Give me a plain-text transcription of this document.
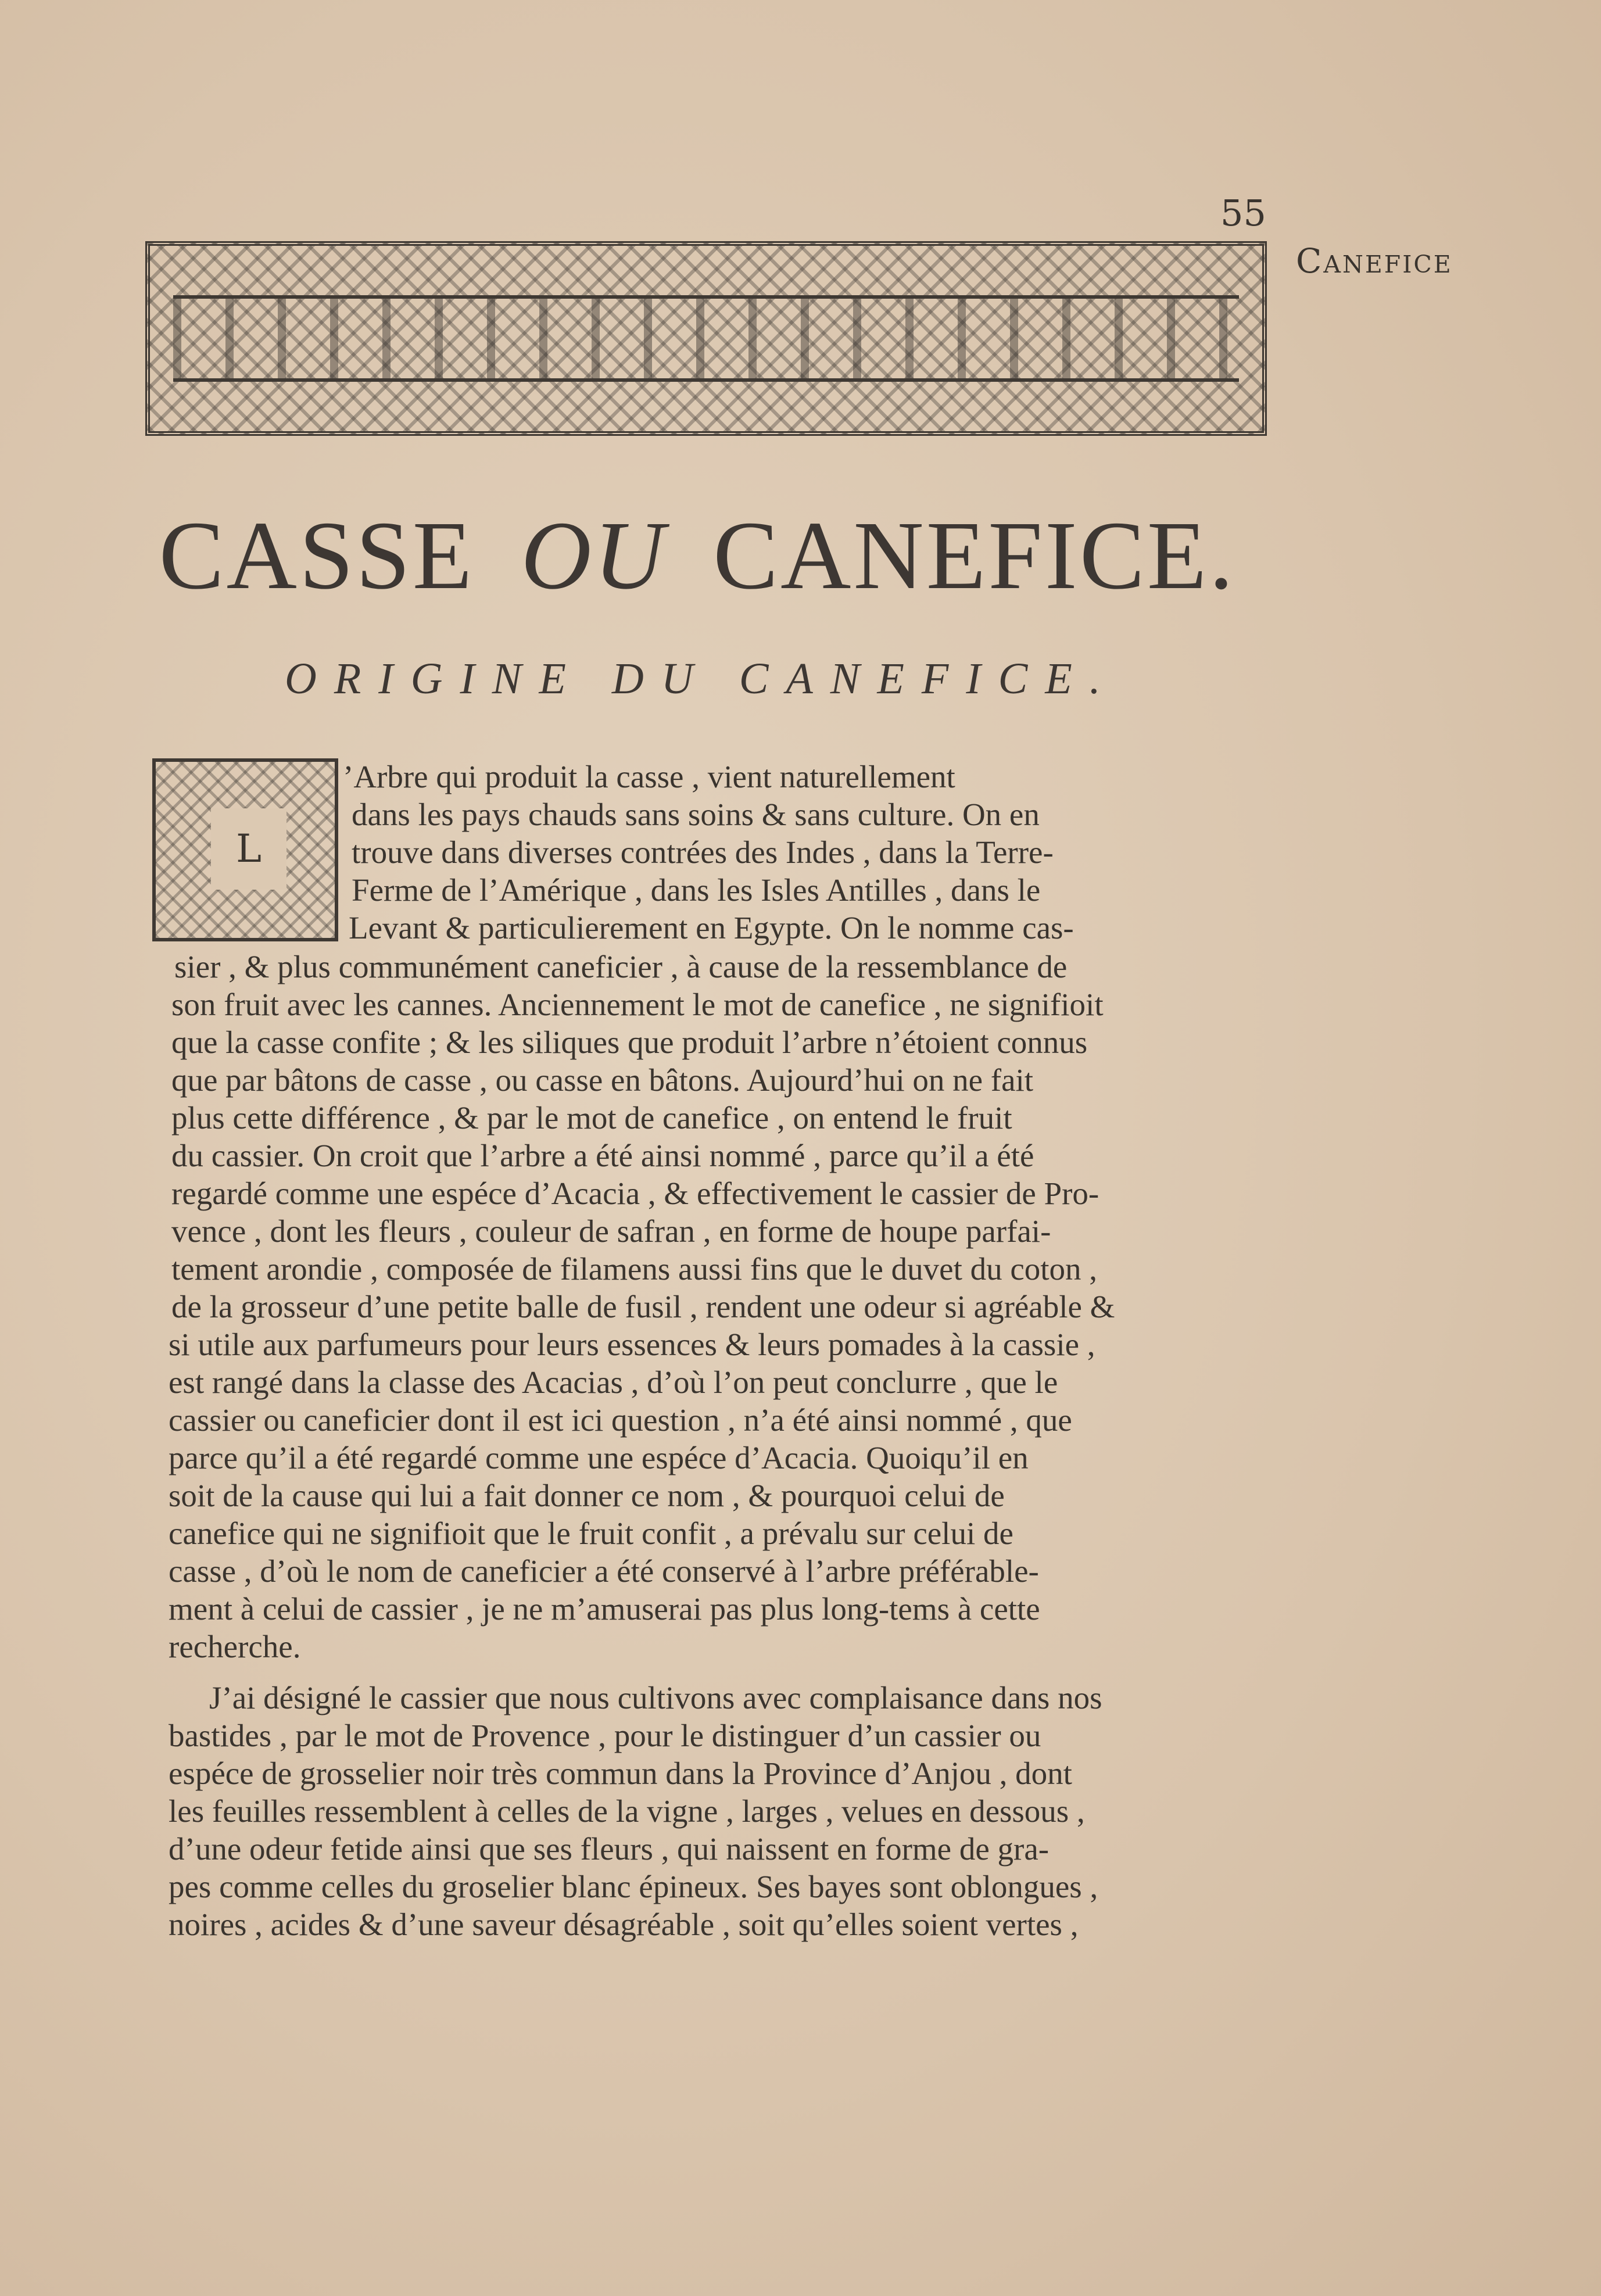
55
Canefice
CASSE OU CANEFICE.
ORIGINE DU CANEFICE.
L
’Arbre qui produit la casse , vient naturellement
dans les pays chauds sans soins & sans culture. On en
trouve dans diverses contrées des Indes , dans la Terre-
Ferme de l’Amérique , dans les Isles Antilles , dans le
Levant & particulierement en Egypte. On le nomme cas-
sier , & plus communément caneficier , à cause de la ressemblance de
son fruit avec les cannes. Anciennement le mot de canefice , ne signifioit
que la casse confite ; & les siliques que produit l’arbre n’étoient connus
que par bâtons de casse , ou casse en bâtons. Aujourd’hui on ne fait
plus cette différence , & par le mot de canefice , on entend le fruit
du cassier. On croit que l’arbre a été ainsi nommé , parce qu’il a été
regardé comme une espéce d’Acacia , & effectivement le cassier de Pro-
vence , dont les fleurs , couleur de safran , en forme de houpe parfai-
tement arondie , composée de filamens aussi fins que le duvet du coton ,
de la grosseur d’une petite balle de fusil , rendent une odeur si agréable &
si utile aux parfumeurs pour leurs essences & leurs pomades à la cassie ,
est rangé dans la classe des Acacias , d’où l’on peut conclurre , que le
cassier ou caneficier dont il est ici question , n’a été ainsi nommé , que
parce qu’il a été regardé comme une espéce d’Acacia. Quoiqu’il en
soit de la cause qui lui a fait donner ce nom , & pourquoi celui de
canefice qui ne signifioit que le fruit confit , a prévalu sur celui de
casse , d’où le nom de caneficier a été conservé à l’arbre préférable-
ment à celui de cassier , je ne m’amuserai pas plus long-tems à cette
recherche.
J’ai désigné le cassier que nous cultivons avec complaisance dans nos
bastides , par le mot de Provence , pour le distinguer d’un cassier ou
espéce de grosselier noir très commun dans la Province d’Anjou , dont
les feuilles ressemblent à celles de la vigne , larges , velues en dessous ,
d’une odeur fetide ainsi que ses fleurs , qui naissent en forme de gra-
pes comme celles du groselier blanc épineux. Ses bayes sont oblongues ,
noires , acides & d’une saveur désagréable , soit qu’elles soient vertes ,
